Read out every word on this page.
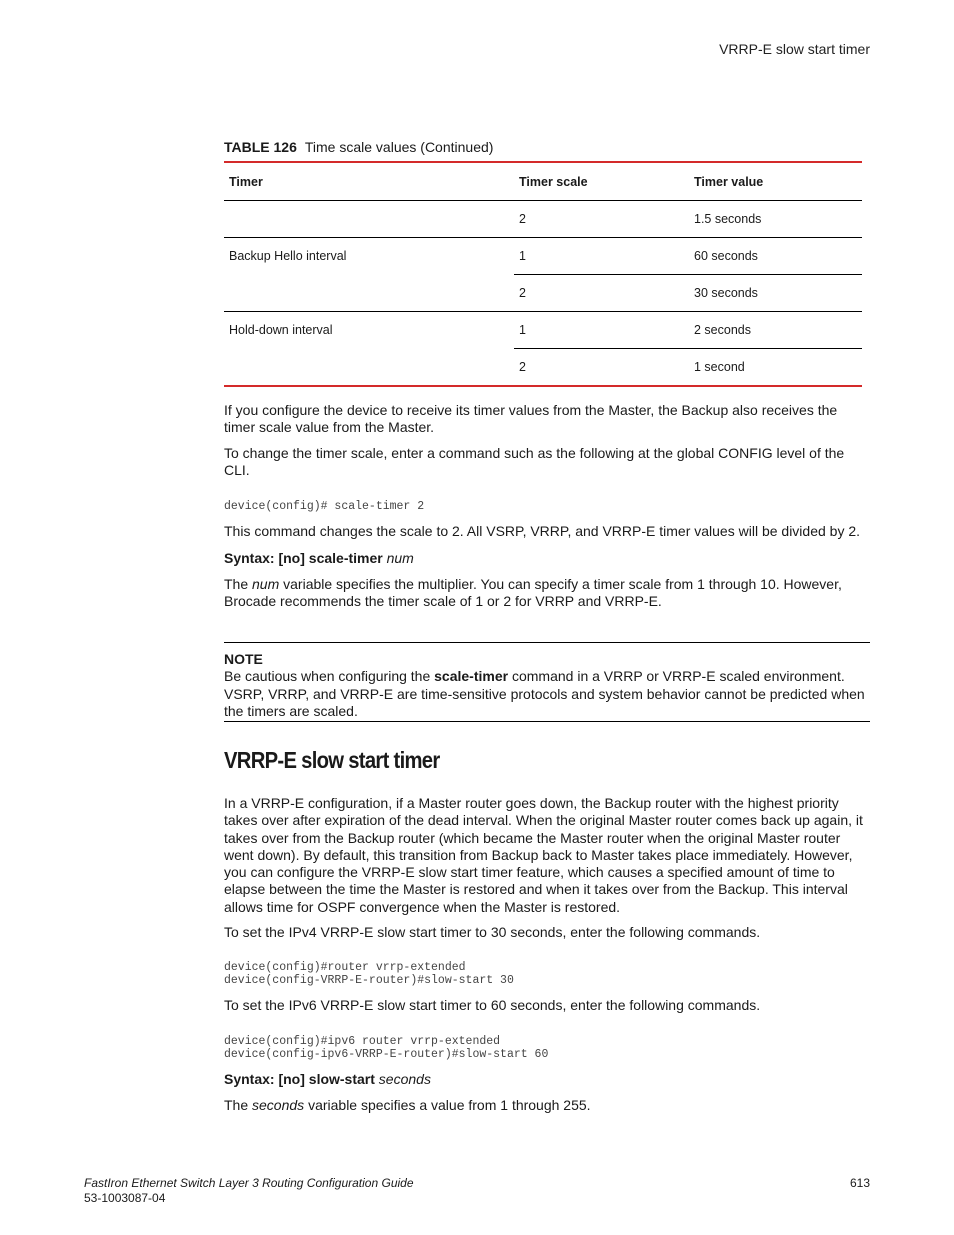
VRRP-E slow start timer
TABLE 126 Time scale values (Continued)
Timer	Timer scale	Timer value
	2	1.5 seconds
Backup Hello interval	1	60 seconds
	2	30 seconds
Hold-down interval	1	2 seconds
	2	1 second

If you configure the device to receive its timer values from the Master, the Backup also receives the timer scale value from the Master.

To change the timer scale, enter a command such as the following at the global CONFIG level of the CLI.

device(config)# scale-timer 2

This command changes the scale to 2. All VSRP, VRRP, and VRRP-E timer values will be divided by 2.

Syntax: [no] scale-timer num

The num variable specifies the multiplier. You can specify a timer scale from 1 through 10. However, Brocade recommends the timer scale of 1 or 2 for VRRP and VRRP-E.

NOTE
Be cautious when configuring the scale-timer command in a VRRP or VRRP-E scaled environment. VSRP, VRRP, and VRRP-E are time-sensitive protocols and system behavior cannot be predicted when the timers are scaled.
VRRP-E slow start timer

In a VRRP-E configuration, if a Master router goes down, the Backup router with the highest priority takes over after expiration of the dead interval. When the original Master router comes back up again, it takes over from the Backup router (which became the Master router when the original Master router went down). By default, this transition from Backup back to Master takes place immediately. However, you can configure the VRRP-E slow start timer feature, which causes a specified amount of time to elapse between the time the Master is restored and when it takes over from the Backup. This interval allows time for OSPF convergence when the Master is restored.

To set the IPv4 VRRP-E slow start timer to 30 seconds, enter the following commands.

device(config)#router vrrp-extended
device(config-VRRP-E-router)#slow-start 30

To set the IPv6 VRRP-E slow start timer to 60 seconds, enter the following commands.

device(config)#ipv6 router vrrp-extended
device(config-ipv6-VRRP-E-router)#slow-start 60

Syntax: [no] slow-start seconds

The seconds variable specifies a value from 1 through 255.

FastIron Ethernet Switch Layer 3 Routing Configuration Guide
53-1003087-04
613
